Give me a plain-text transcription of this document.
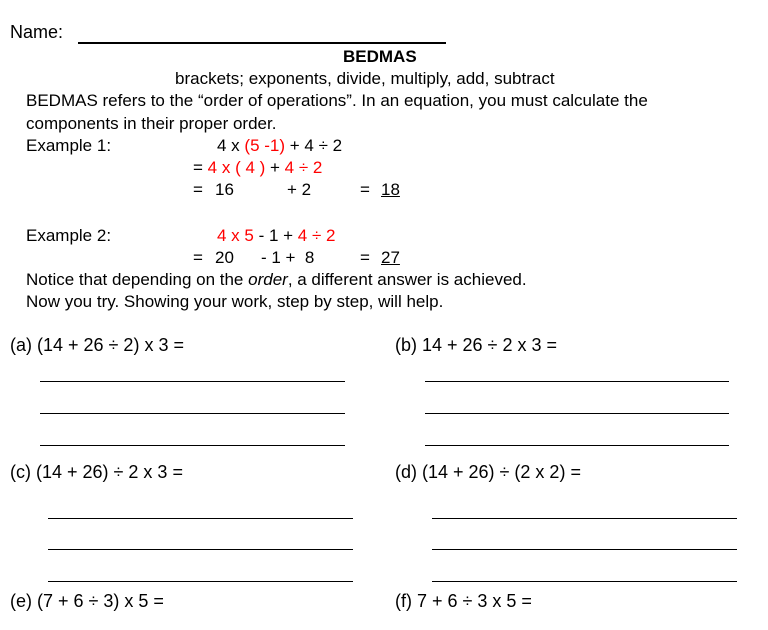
Name:
BEDMAS
brackets; exponents, divide, multiply, add, subtract
BEDMAS refers to the “order of operations”. In an equation, you must calculate the
components in their proper order.
Example 1:	4 x (5 -1) + 4 ÷ 2
= 4 x ( 4 ) + 4 ÷ 2
= 16	+ 2	= 18
Example 2:	4 x 5 - 1 + 4 ÷ 2
= 20 - 1 +  8	= 27
Notice that depending on the order, a different answer is achieved.
Now you try. Showing your work, step by step, will help.
(a) (14 + 26 ÷ 2) x 3 =	(b) 14 + 26 ÷ 2 x 3 =
(c) (14 + 26) ÷ 2 x 3 =	(d) (14 + 26) ÷ (2 x 2) =
(e) (7 + 6 ÷ 3) x 5 =	(f) 7 + 6 ÷ 3 x 5 =
